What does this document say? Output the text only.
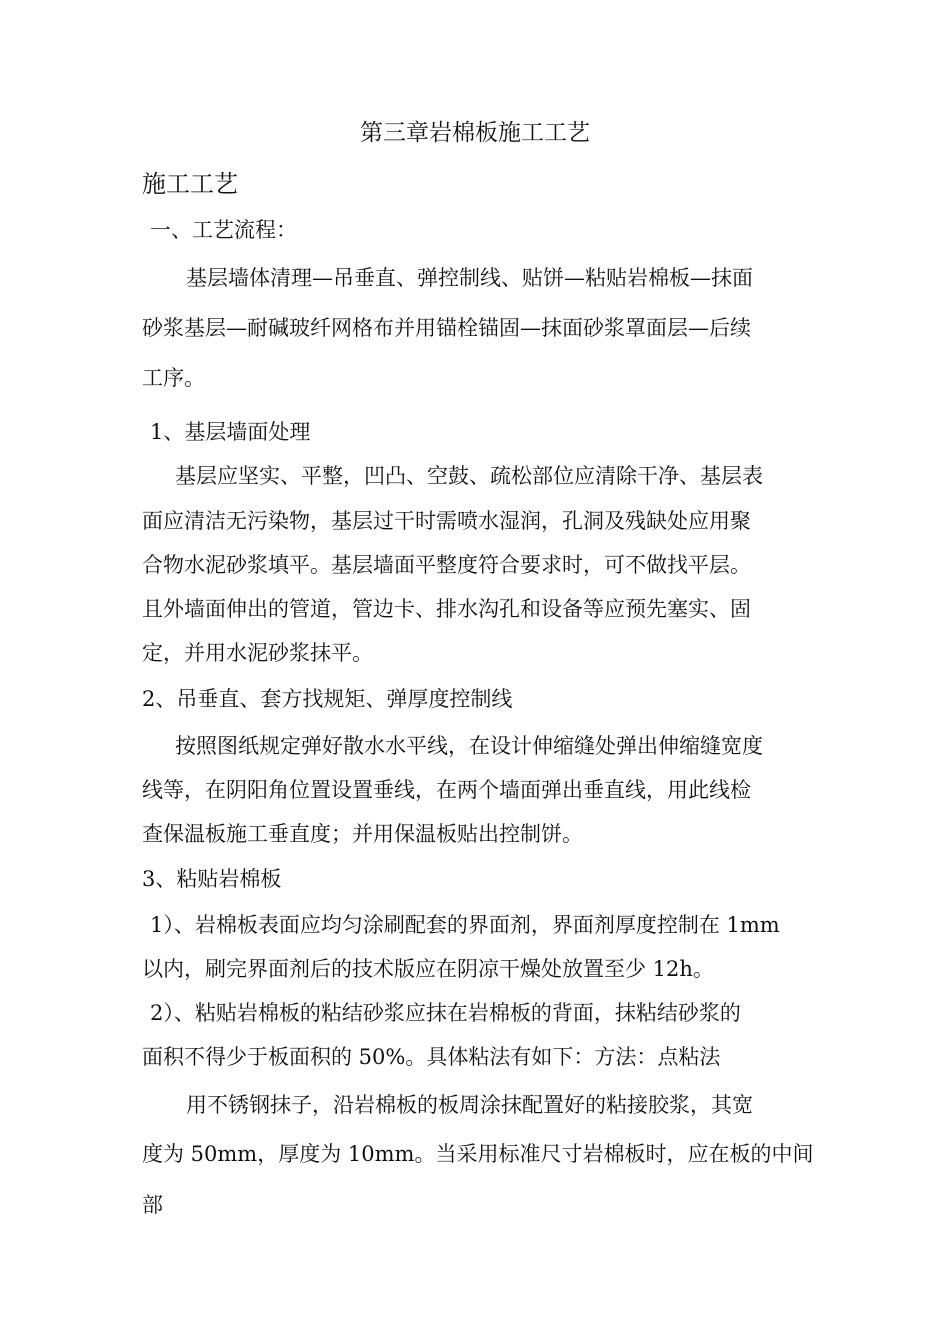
第三章岩棉板施工工艺
施工工艺
一、工艺流程：
基层墙体清理—吊垂直、弹控制线、贴饼—粘贴岩棉板—抹面
砂浆基层—耐碱玻纤网格布并用锚栓锚固—抹面砂浆罩面层—后续
工序。
1、基层墙面处理
基层应坚实、平整，凹凸、空鼓、疏松部位应清除干净、基层表
面应清洁无污染物，基层过干时需喷水湿润，孔洞及残缺处应用聚
合物水泥砂浆填平。基层墙面平整度符合要求时，可不做找平层。
且外墙面伸出的管道，管边卡、排水沟孔和设备等应预先塞实、固
定，并用水泥砂浆抹平。
2、吊垂直、套方找规矩、弹厚度控制线
按照图纸规定弹好散水水平线，在设计伸缩缝处弹出伸缩缝宽度
线等，在阴阳角位置设置垂线，在两个墙面弹出垂直线，用此线检
查保温板施工垂直度；并用保温板贴出控制饼。
3、粘贴岩棉板
1）、岩棉板表面应均匀涂刷配套的界面剂，界面剂厚度控制在 1mm
以内，刷完界面剂后的技术版应在阴凉干燥处放置至少 12h。
2）、粘贴岩棉板的粘结砂浆应抹在岩棉板的背面，抹粘结砂浆的
面积不得少于板面积的 50%。具体粘法有如下：方法：点粘法
用不锈钢抹子，沿岩棉板的板周涂抹配置好的粘接胶浆，其宽
度为 50mm，厚度为 10mm。当采用标准尺寸岩棉板时，应在板的中间
部
